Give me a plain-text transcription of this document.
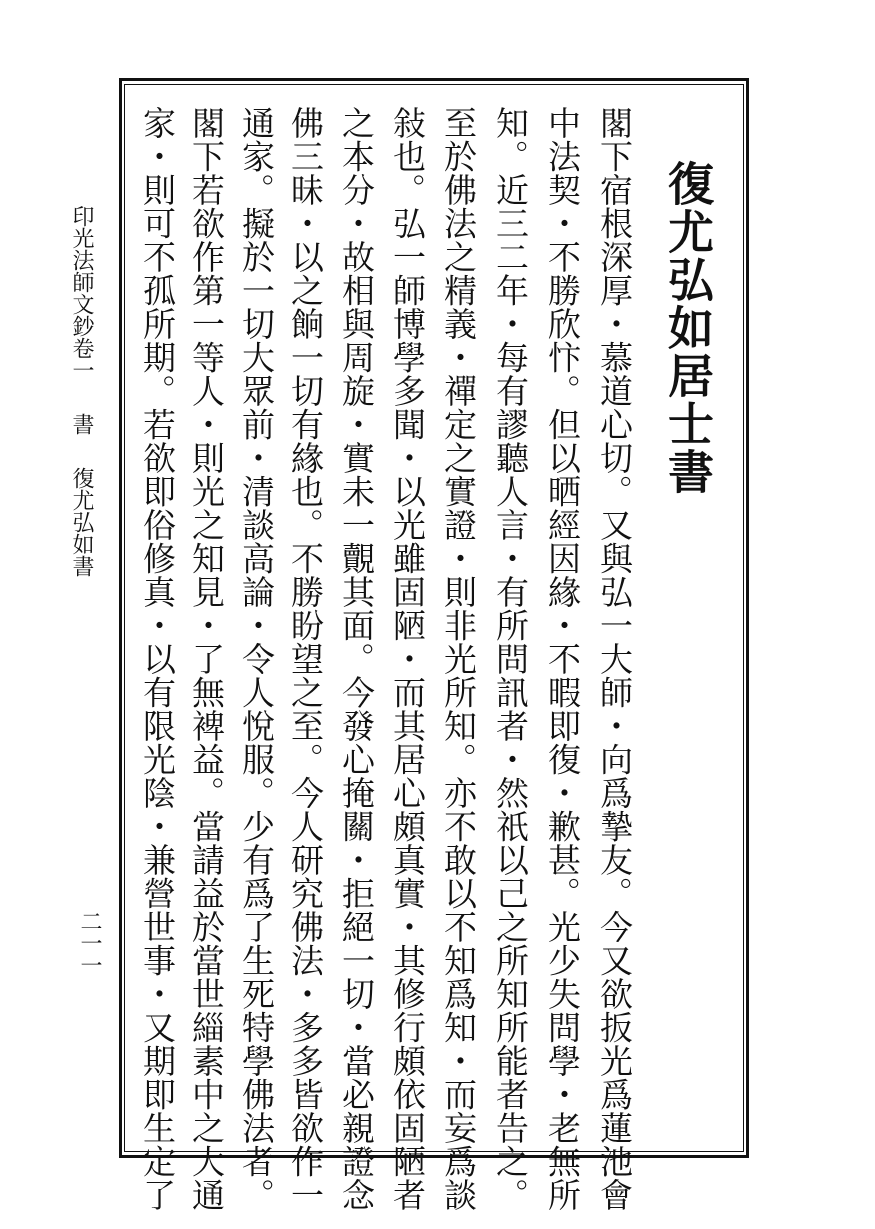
印光法師文鈔卷一書復尤弘如書
二一一
復尤弘如居士書
閣下宿根深厚・慕道心切。又與弘一大師・向爲摯友。今又欲扳光爲蓮池會
中法契・不勝欣忭。但以晒經因緣・不暇即復・歉甚。光少失問學・老無所
知。近三二年・每有謬聽人言・有所問訊者・然祇以己之所知所能者告之。
至於佛法之精義・禪定之實證・則非光所知。亦不敢以不知爲知・而妄爲談
敍也。弘一師博學多聞・以光雖固陋・而其居心頗真實・其修行頗依固陋者
之本分・故相與周旋・實未一覿其面。今發心掩關・拒絕一切・當必親證念
佛三昧・以之餉一切有緣也。不勝盼望之至。今人研究佛法・多多皆欲作一
通家。擬於一切大眾前・清談高論・令人悅服。少有爲了生死特學佛法者。
閣下若欲作第一等人・則光之知見・了無裨益。當請益於當世緇素中之大通
家・則可不孤所期。若欲即俗修真・以有限光陰・兼營世事・又期即生定了
